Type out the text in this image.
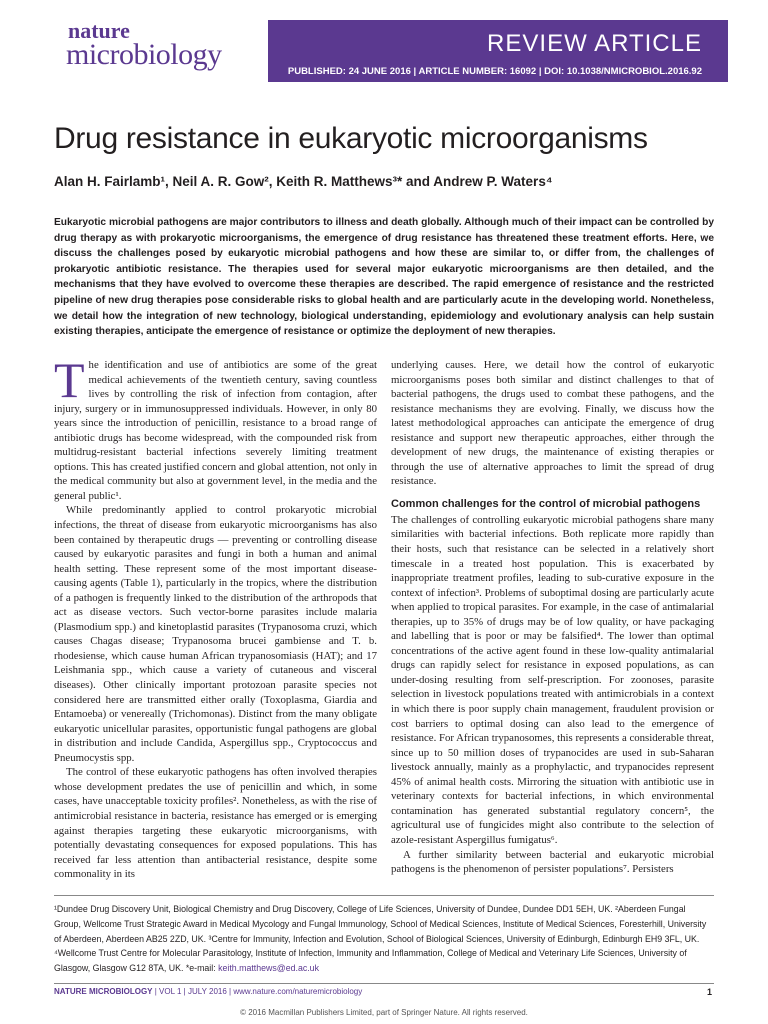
nature
microbiology	REVIEW ARTICLE
PUBLISHED: 24 JUNE 2016 | ARTICLE NUMBER: 16092 | DOI: 10.1038/NMICROBIOL.2016.92
Drug resistance in eukaryotic microorganisms
Alan H. Fairlamb¹, Neil A. R. Gow², Keith R. Matthews³* and Andrew P. Waters⁴
Eukaryotic microbial pathogens are major contributors to illness and death globally. Although much of their impact can be controlled by drug therapy as with prokaryotic microorganisms, the emergence of drug resistance has threatened these treatment efforts. Here, we discuss the challenges posed by eukaryotic microbial pathogens and how these are similar to, or differ from, the challenges of prokaryotic antibiotic resistance. The therapies used for several major eukaryotic microorganisms are then detailed, and the mechanisms that they have evolved to overcome these therapies are described. The rapid emergence of resistance and the restricted pipeline of new drug therapies pose considerable risks to global health and are particularly acute in the developing world. Nonetheless, we detail how the integration of new technology, biological understanding, epidemiology and evolutionary analysis can help sustain existing therapies, anticipate the emergence of resistance or optimize the deployment of new therapies.

The identification and use of antibiotics are some of the great medical achievements of the twentieth century, saving countless lives by controlling the risk of infection from contagion, after injury, surgery or in immunosuppressed individuals. However, in only 80 years since the introduction of penicillin, resistance to a broad range of antibiotic drugs has become widespread, with the compounded risk from multidrug-resistant bacterial infections severely limiting treatment options. This has created justified concern and global attention, not only in the medical community but also at government level, in the media and the general public¹.

While predominantly applied to control prokaryotic microbial infections, the threat of disease from eukaryotic microorganisms has also been contained by therapeutic drugs — preventing or controlling disease caused by eukaryotic parasites and fungi in both a human and animal health setting. These represent some of the most important disease-causing agents (Table 1), particularly in the tropics, where the distribution of a pathogen is frequently linked to the distribution of the arthropods that act as disease vectors. Such vector-borne parasites include malaria (Plasmodium spp.) and kinetoplastid parasites (Trypanosoma cruzi, which causes Chagas disease; Trypanosoma brucei gambiense and T. b. rhodesiense, which cause human African trypanosomiasis (HAT); and 17 Leishmania spp., which cause a variety of cutaneous and visceral diseases). Other clinically important protozoan parasite species not considered here are transmitted either orally (Toxoplasma, Giardia and Entamoeba) or venereally (Trichomonas). Distinct from the many obligate eukaryotic unicellular parasites, opportunistic fungal pathogens are global in distribution and include Candida, Aspergillus spp., Cryptococcus and Pneumocystis spp.

The control of these eukaryotic pathogens has often involved therapies whose development predates the use of penicillin and which, in some cases, have unacceptable toxicity profiles². Nonetheless, as with the rise of antimicrobial resistance in bacteria, resistance has emerged or is emerging against therapies targeting these eukaryotic microorganisms, with potentially devastating consequences for exposed populations. This has received far less attention than antibacterial resistance, despite some commonality in its

underlying causes. Here, we detail how the control of eukaryotic microorganisms poses both similar and distinct challenges to that of bacterial pathogens, the drugs used to combat these pathogens, and the resistance mechanisms they are evolving. Finally, we discuss how the latest methodological approaches can anticipate the emergence of drug resistance and support new therapeutic approaches, either through the development of new drugs, the maintenance of existing therapies or through the use of alternative approaches to limit the spread of drug resistance.

Common challenges for the control of microbial pathogens

The challenges of controlling eukaryotic microbial pathogens share many similarities with bacterial infections. Both replicate more rapidly than their hosts, such that resistance can be selected in a relatively short timescale in a treated host population. This is exacerbated by inappropriate treatment profiles, leading to sub-curative exposure in the context of infection³. Problems of suboptimal dosing are particularly acute when applied to tropical parasites. For example, in the case of antimalarial therapies, up to 35% of drugs may be of low quality, or have packaging and labelling that is poor or may be falsified⁴. The lower than optimal concentrations of the active agent found in these low-quality antimalarial drugs can rapidly select for resistance in exposed populations, as can under-dosing resulting from self-prescription. For zoonoses, parasite selection in livestock populations treated with antimicrobials in a context in which there is poor supply chain management, fraudulent provision or cost barriers to optimal dosing can also lead to the emergence of resistance. For African trypanosomes, this represents a considerable threat, since up to 50 million doses of trypanocides are used in sub-Saharan livestock annually, mainly as a prophylactic, and trypanocides represent 45% of animal health costs. Mirroring the situation with antibiotic use in veterinary contexts for bacterial infections, in which environmental contamination has generated substantial regulatory concern⁵, the agricultural use of fungicides might also contribute to the selection of azole-resistant Aspergillus fumigatus⁶.

A further similarity between bacterial and eukaryotic microbial pathogens is the phenomenon of persister populations⁷. Persisters

¹Dundee Drug Discovery Unit, Biological Chemistry and Drug Discovery, College of Life Sciences, University of Dundee, Dundee DD1 5EH, UK. ²Aberdeen Fungal Group, Wellcome Trust Strategic Award in Medical Mycology and Fungal Immunology, School of Medical Sciences, Institute of Medical Sciences, Foresterhill, University of Aberdeen, Aberdeen AB25 2ZD, UK. ³Centre for Immunity, Infection and Evolution, School of Biological Sciences, University of Edinburgh, Edinburgh EH9 3FL, UK. ⁴Wellcome Trust Centre for Molecular Parasitology, Institute of Infection, Immunity and Inflammation, College of Medical and Veterinary Life Sciences, University of Glasgow, Glasgow G12 8TA, UK. *e-mail: keith.matthews@ed.ac.uk
NATURE MICROBIOLOGY | VOL 1 | JULY 2016 | www.nature.com/naturemicrobiology	1
© 2016 Macmillan Publishers Limited, part of Springer Nature. All rights reserved.
